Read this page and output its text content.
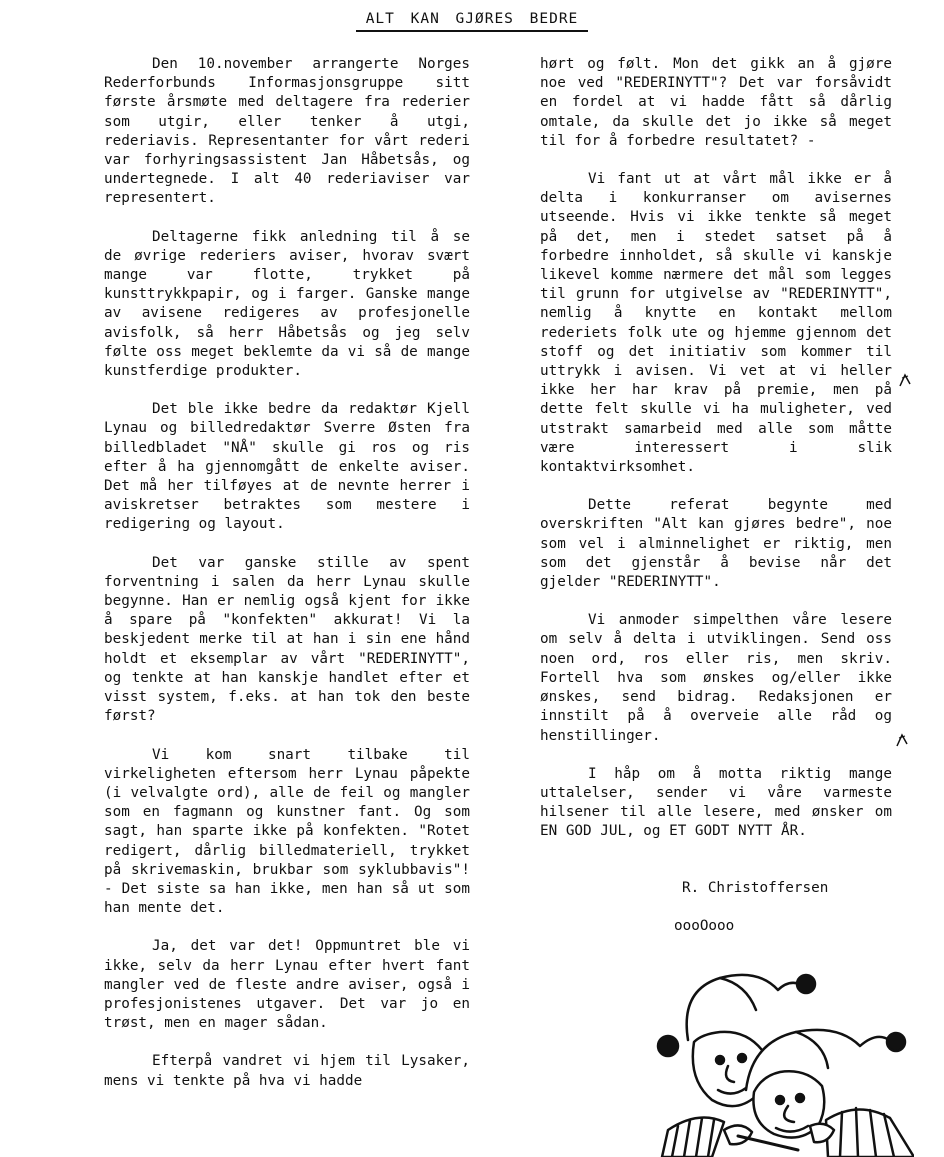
ALT KAN GJØRES BEDRE

Den 10.november arrangerte Norges Rederforbunds Informasjonsgruppe sitt første årsmøte med deltagere fra rederier som utgir, eller tenker å utgi, rederiavis. Representanter for vårt rederi var forhyringsassistent Jan Håbetsås, og undertegnede. I alt 40 rederiaviser var representert.

Deltagerne fikk anledning til å se de øvrige rederiers aviser, hvorav svært mange var flotte, trykket på kunsttrykkpapir, og i farger. Ganske mange av avisene redigeres av profesjonelle avisfolk, så herr Håbetsås og jeg selv følte oss meget beklemte da vi så de mange kunstferdige produkter.

Det ble ikke bedre da redaktør Kjell Lynau og billedredaktør Sverre Østen fra billedbladet "NÅ" skulle gi ros og ris efter å ha gjennomgått de enkelte aviser. Det må her tilføyes at de nevnte herrer i aviskretser betraktes som mestere i redigering og layout.

Det var ganske stille av spent forventning i salen da herr Lynau skulle begynne. Han er nemlig også kjent for ikke å spare på "konfekten" akkurat! Vi la beskjedent merke til at han i sin ene hånd holdt et eksemplar av vårt "REDERINYTT", og tenkte at han kanskje handlet efter et visst system, f.eks. at han tok den beste først?

Vi kom snart tilbake til virkeligheten eftersom herr Lynau påpekte (i velvalgte ord), alle de feil og mangler som en fagmann og kunstner fant. Og som sagt, han sparte ikke på konfekten. "Rotet redigert, dårlig billedmateriell, trykket på skrivemaskin, brukbar som syklubbavis"! - Det siste sa han ikke, men han så ut som han mente det.

Ja, det var det! Oppmuntret ble vi ikke, selv da herr Lynau efter hvert fant mangler ved de fleste andre aviser, også i profesjonistenes utgaver. Det var jo en trøst, men en mager sådan.

Efterpå vandret vi hjem til Lysaker, mens vi tenkte på hva vi hadde

hørt og følt. Mon det gikk an å gjøre noe ved "REDERINYTT"? Det var forsåvidt en fordel at vi hadde fått så dårlig omtale, da skulle det jo ikke så meget til for å forbedre resultatet? -

Vi fant ut at vårt mål ikke er å delta i konkurranser om avisernes utseende. Hvis vi ikke tenkte så meget på det, men i stedet satset på å forbedre innholdet, så skulle vi kanskje likevel komme nærmere det mål som legges til grunn for utgivelse av "REDERINYTT", nemlig å knytte en kontakt mellom rederiets folk ute og hjemme gjennom det stoff og det initiativ som kommer til uttrykk i avisen. Vi vet at vi heller ikke her har krav på premie, men på dette felt skulle vi ha muligheter, ved utstrakt samarbeid med alle som måtte være interessert i slik kontaktvirksomhet.

Dette referat begynte med overskriften "Alt kan gjøres bedre", noe som vel i alminnelighet er riktig, men som det gjenstår å bevise når det gjelder "REDERINYTT".

Vi anmoder simpelthen våre lesere om selv å delta i utviklingen. Send oss noen ord, ros eller ris, men skriv. Fortell hva som ønskes og/eller ikke ønskes, send bidrag. Redaksjonen er innstilt på å overveie alle råd og henstillinger.

I håp om å motta riktig mange uttalelser, sender vi våre varmeste hilsener til alle lesere, med ønsker om EN GOD JUL, og ET GODT NYTT ÅR.

R. Christoffersen
oooOooo
